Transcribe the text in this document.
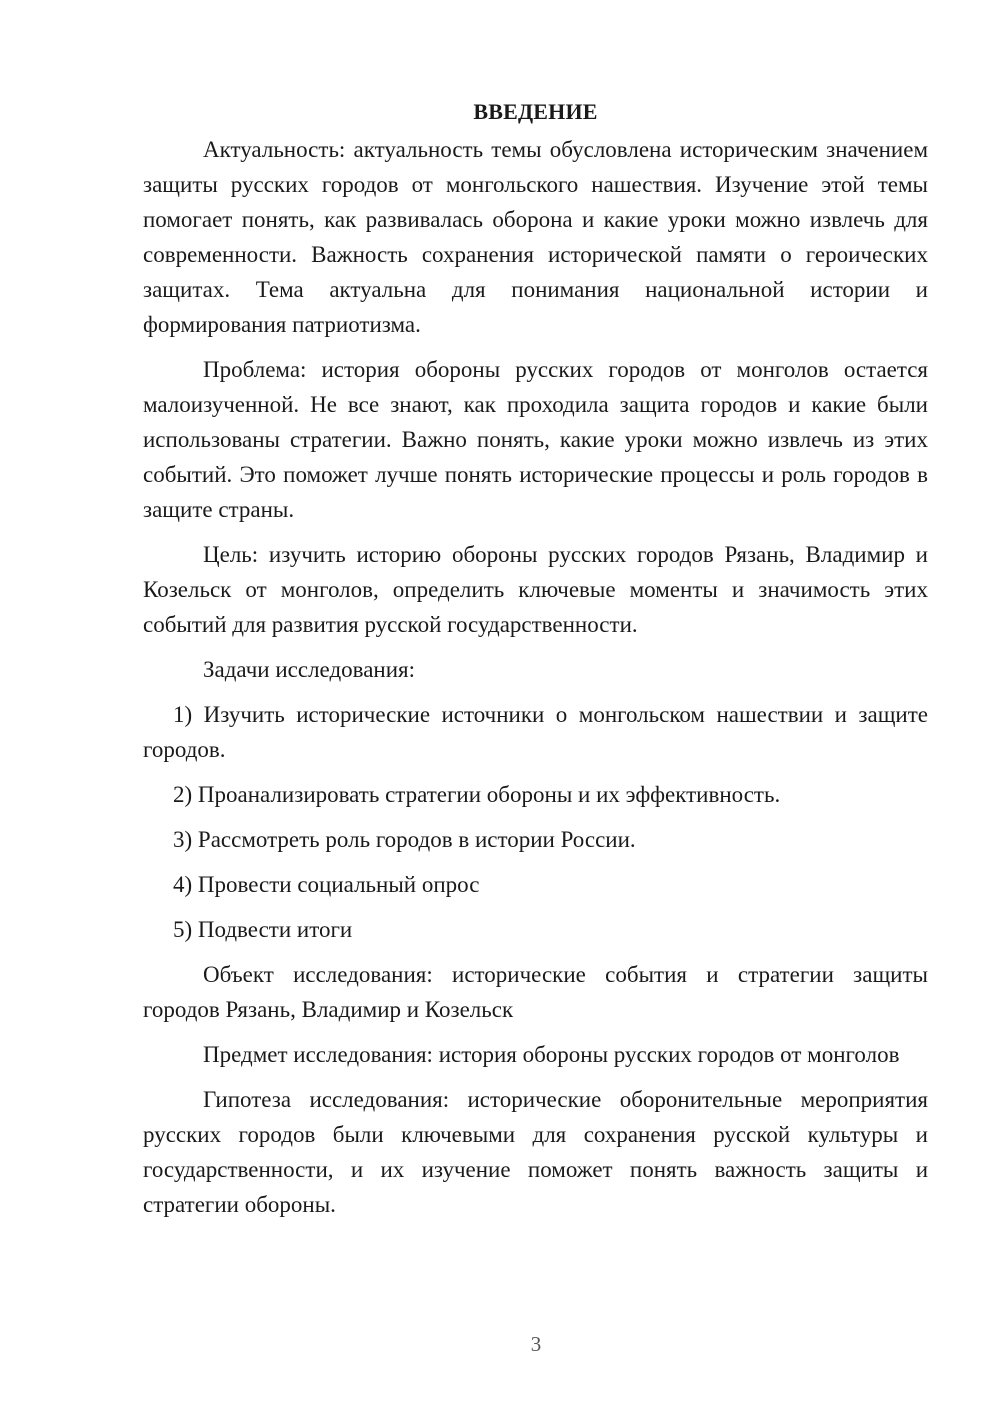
ВВЕДЕНИЕ

Актуальность: актуальность темы обусловлена историческим значением защиты русских городов от монгольского нашествия. Изучение этой темы помогает понять, как развивалась оборона и какие уроки можно извлечь для современности. Важность сохранения исторической памяти о героических защитах. Тема актуальна для понимания национальной истории и формирования патриотизма.

Проблема: история обороны русских городов от монголов остается малоизученной. Не все знают, как проходила защита городов и какие были использованы стратегии. Важно понять, какие уроки можно извлечь из этих событий. Это поможет лучше понять исторические процессы и роль городов в защите страны.

Цель: изучить историю обороны русских городов Рязань, Владимир и Козельск от монголов, определить ключевые моменты и значимость этих событий для развития русской государственности.

Задачи исследования:

1) Изучить исторические источники о монгольском нашествии и защите городов.

2) Проанализировать стратегии обороны и их эффективность.

3) Рассмотреть роль городов в истории России.

4) Провести социальный опрос

5) Подвести итоги

Объект исследования: исторические события и стратегии защиты городов Рязань, Владимир и Козельск

Предмет исследования: история обороны русских городов от монголов

Гипотеза исследования: исторические оборонительные мероприятия русских городов были ключевыми для сохранения русской культуры и государственности, и их изучение поможет понять важность защиты и стратегии обороны.

3
